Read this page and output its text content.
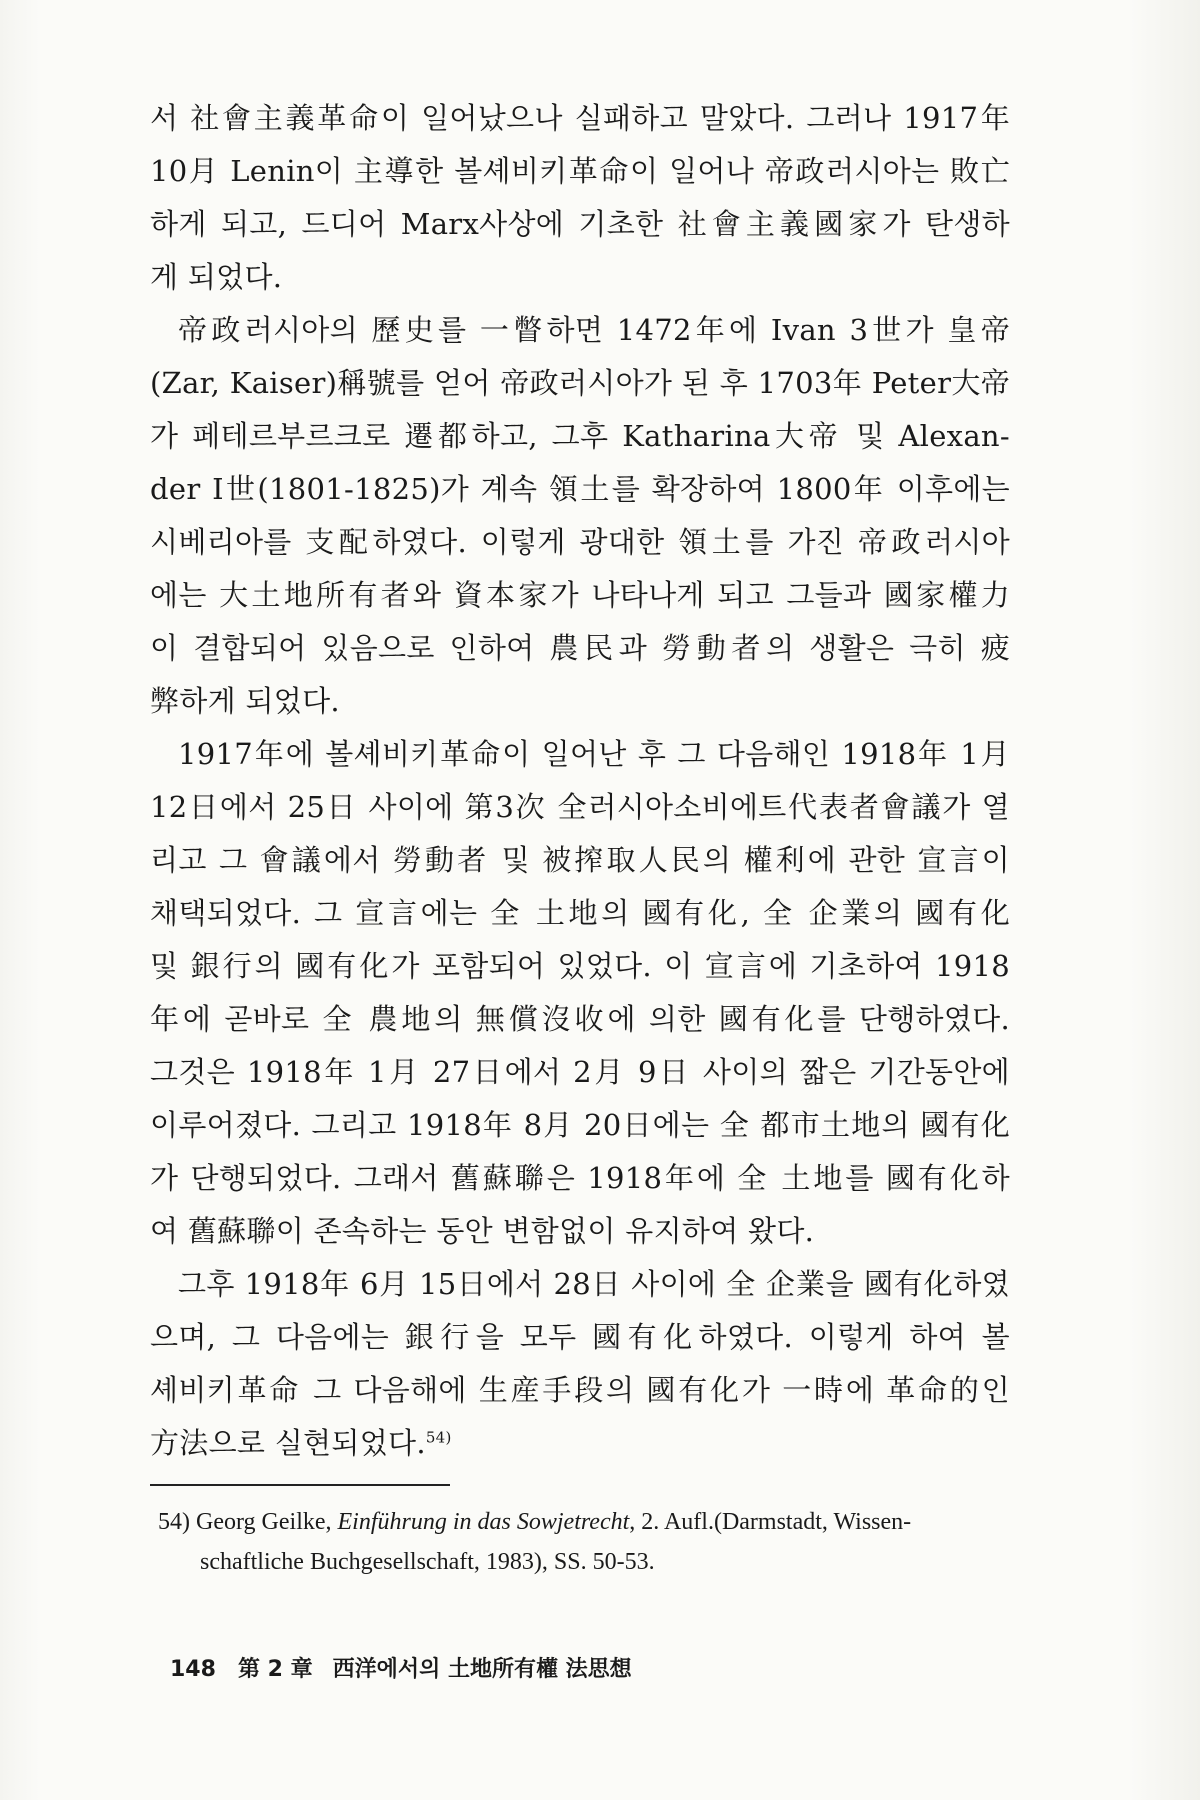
서 社會主義革命이 일어났으나 실패하고 말았다. 그러나 1917年
10月 Lenin이 主導한 볼셰비키革命이 일어나 帝政러시아는 敗亡
하게 되고, 드디어 Marx사상에 기초한 社會主義國家가 탄생하
게 되었다.
帝政러시아의 歷史를 一瞥하면 1472年에 Ivan 3世가 皇帝
(Zar, Kaiser)稱號를 얻어 帝政러시아가 된 후 1703年 Peter大帝
가 페테르부르크로 遷都하고, 그후 Katharina大帝 및 Alexan-
der Ⅰ世(1801-1825)가 계속 領土를 확장하여 1800年 이후에는
시베리아를 支配하였다. 이렇게 광대한 領土를 가진 帝政러시아
에는 大土地所有者와 資本家가 나타나게 되고 그들과 國家權力
이 결합되어 있음으로 인하여 農民과 勞動者의 생활은 극히 疲
弊하게 되었다.
1917年에 볼셰비키革命이 일어난 후 그 다음해인 1918年 1月
12日에서 25日 사이에 第3次 全러시아소비에트代表者會議가 열
리고 그 會議에서 勞動者 및 被搾取人民의 權利에 관한 宣言이
채택되었다. 그 宣言에는 全 土地의 國有化, 全 企業의 國有化
및 銀行의 國有化가 포함되어 있었다. 이 宣言에 기초하여 1918
年에 곧바로 全 農地의 無償沒收에 의한 國有化를 단행하였다.
그것은 1918年 1月 27日에서 2月 9日 사이의 짧은 기간동안에
이루어졌다. 그리고 1918年 8月 20日에는 全 都市土地의 國有化
가 단행되었다. 그래서 舊蘇聯은 1918年에 全 土地를 國有化하
여 舊蘇聯이 존속하는 동안 변함없이 유지하여 왔다.
그후 1918年 6月 15日에서 28日 사이에 全 企業을 國有化하였
으며, 그 다음에는 銀行을 모두 國有化하였다. 이렇게 하여 볼
셰비키革命 그 다음해에 生産手段의 國有化가 一時에 革命的인
方法으로 실현되었다.$^{54)}$
54) Georg Geilke, Einführung in das Sowjetrecht, 2. Aufl.(Darmstadt, Wissen-
schaftliche Buchgesellschaft, 1983), SS. 50-53.
148 第 2 章 西洋에서의 土地所有權 法思想
